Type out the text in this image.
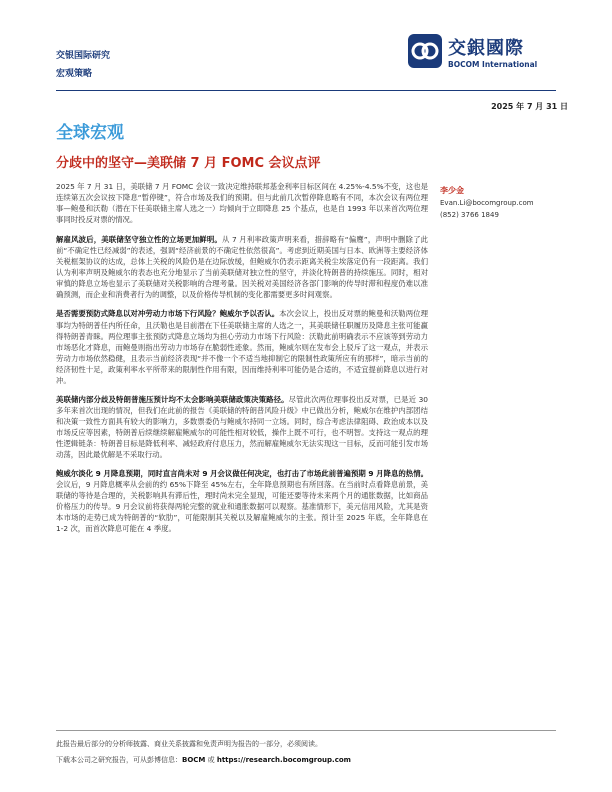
交银国际研究
宏观策略
交銀國際
BOCOM International
2025 年 7 月 31 日
全球宏观
分歧中的坚守—美联储 7 月 FOMC 会议点评

2025 年 7 月 31 日，美联储 7 月 FOMC 会议一致决定维持联邦基金利率目标区间在 4.25%-4.5%不变，这也是连续第五次会议按下降息“暂停键”，符合市场及我们的预期。但与此前几次暂停降息略有不同，本次会议有两位理事—鲍曼和沃勒（潜在下任美联储主席人选之一）均倾向于立即降息 25 个基点，也是自 1993 年以来首次两位理事同时投反对票的情况。

解雇风波后，美联储坚守独立性的立场更加鲜明。从 7 月利率政策声明来看，措辞略有“偏鹰”，声明中删除了此前“不确定性已经减弱”的表述，强调“经济前景的不确定性依然很高”。考虑到近期美国与日本、欧洲等主要经济体关税框架协议的达成，总体上关税的风险仍是在边际放缓，但鲍威尔仍表示距离关税尘埃落定仍有一段距离。我们认为利率声明及鲍威尔的表态也充分地显示了当前美联储对独立性的坚守，并淡化特朗普的持续施压。同时，相对审慎的降息立场也显示了美联储对关税影响的合理考量。因关税对美国经济各部门影响的传导时滞和程度仍难以准确预测，而企业和消费者行为的调整，以及价格传导机制的变化都需要更多时间观察。

是否需要预防式降息以对冲劳动力市场下行风险？鲍威尔予以否认。本次会议上，投出反对票的鲍曼和沃勒两位理事均为特朗普任内所任命，且沃勒也是目前潜在下任美联储主席的人选之一，其美联储任职履历及降息主张可能赢得特朗普青睐。两位理事主张预防式降息立场均为担心劳动力市场下行风险：沃勒此前明确表示不应该等到劳动力市场恶化才降息，而鲍曼则指出劳动力市场存在脆弱性迹象。然而，鲍威尔则在发布会上驳斥了这一观点，并表示劳动力市场依然稳健，且表示当前经济表现“并不像一个不适当地抑制它的限制性政策所应有的那样”，暗示当前的经济韧性十足，政策利率水平所带来的限制性作用有限，因而维持利率可能仍是合适的，不适宜提前降息以进行对冲。

美联储内部分歧及特朗普施压预计均不太会影响美联储政策决策路径。尽管此次两位理事投出反对票，已是近 30 多年来首次出现的情况，但我们在此前的报告《美联储的特朗普风险升级》中已做出分析，鲍威尔在维护内部团结和决策一致性方面具有较大的影响力，多数票委仍与鲍威尔持同一立场。同时，综合考虑法律阻碍、政治成本以及市场反应等因素，特朗普后续继续解雇鲍威尔的可能性相对较低，操作上既不可行，也不明智。支持这一观点的理性逻辑链条：特朗普目标是降低利率、减轻政府付息压力，然而解雇鲍威尔无法实现这一目标，反而可能引发市场动荡，因此最优解是不采取行动。

鲍威尔淡化 9 月降息预期，同时直言尚未对 9 月会议做任何决定，也打击了市场此前普遍预期 9 月降息的热情。会议后，9 月降息概率从会前的约 65%下降至 45%左右，全年降息预期也有所回落。在当前时点看降息前景，美联储的等待是合理的，关税影响具有滞后性，理时尚未完全显现，可能还要等待未来两个月的通胀数据，比如商品价格压力的传导。9 月会议前将获得两轮完整的就业和通胀数据可以观察。基准情形下，美元信用风险，尤其是资本市场的走势已成为特朗普的“软肋”，可能限制其关税以及解雇鲍威尔的主张。预计至 2025 年底，全年降息在 1-2 次，而首次降息可能在 4 季度。

李少金
Evan.Li@bocomgroup.com
(852) 3766 1849
此报告最后部分的分析师披露、商业关系披露和免责声明为报告的一部分，必须阅读。
下载本公司之研究报告，可从彭博信息：BOCM 或 https://research.bocomgroup.com
